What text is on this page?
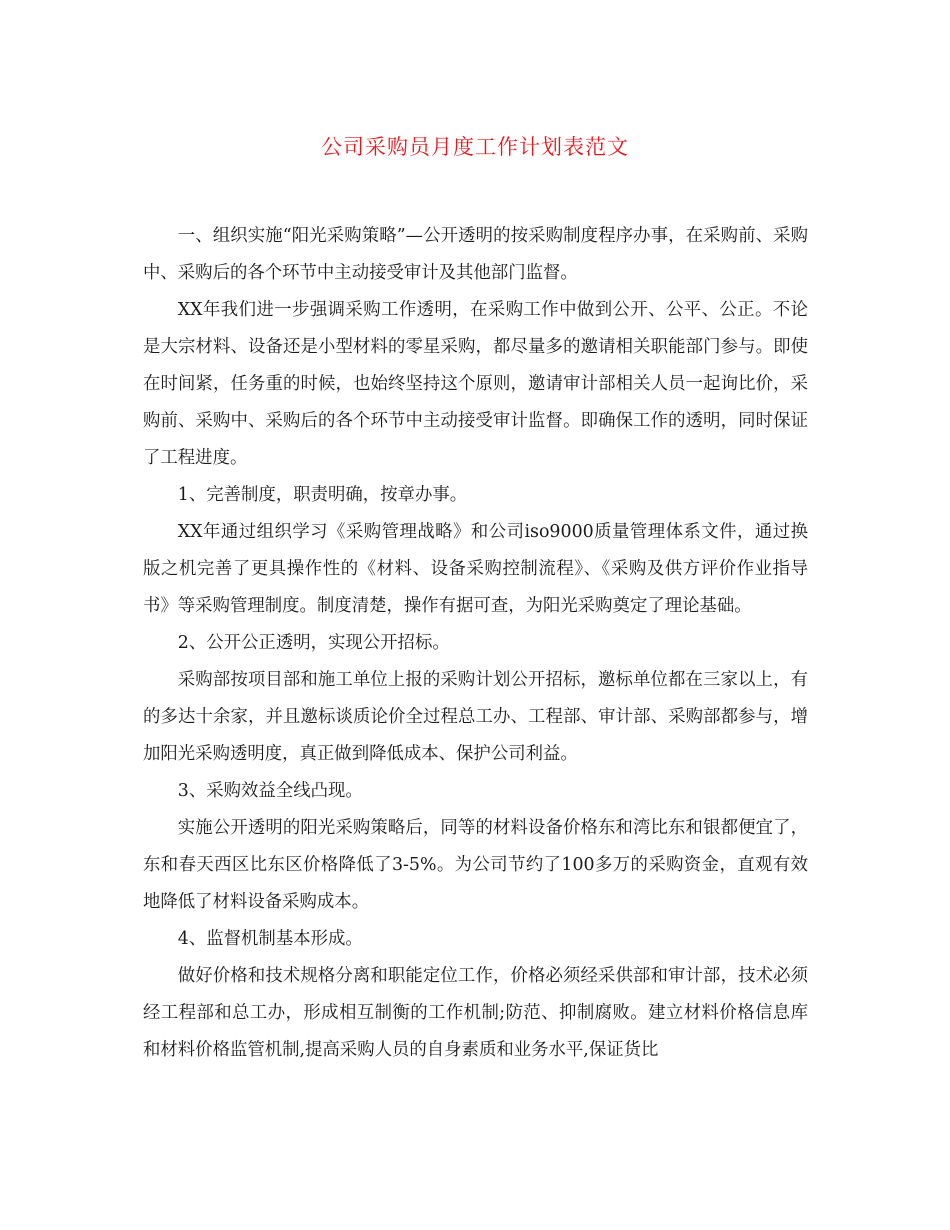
公司采购员月度工作计划表范文

一、组织实施“阳光采购策略”—公开透明的按采购制度程序办事，在采购前、采购中、采购后的各个环节中主动接受审计及其他部门监督。

XX年我们进一步强调采购工作透明，在采购工作中做到公开、公平、公正。不论是大宗材料、设备还是小型材料的零星采购，都尽量多的邀请相关职能部门参与。即使在时间紧，任务重的时候，也始终坚持这个原则，邀请审计部相关人员一起询比价，采购前、采购中、采购后的各个环节中主动接受审计监督。即确保工作的透明，同时保证了工程进度。

1、完善制度，职责明确，按章办事。

XX年通过组织学习《采购管理战略》和公司iso9000质量管理体系文件，通过换版之机完善了更具操作性的《材料、设备采购控制流程》、《采购及供方评价作业指导书》等采购管理制度。制度清楚，操作有据可查，为阳光采购奠定了理论基础。

2、公开公正透明，实现公开招标。

采购部按项目部和施工单位上报的采购计划公开招标，邀标单位都在三家以上，有的多达十余家，并且邀标谈质论价全过程总工办、工程部、审计部、采购部都参与，增加阳光采购透明度，真正做到降低成本、保护公司利益。

3、采购效益全线凸现。

实施公开透明的阳光采购策略后，同等的材料设备价格东和湾比东和银都便宜了，东和春天西区比东区价格降低了3-5%。为公司节约了100多万的采购资金，直观有效地降低了材料设备采购成本。

4、监督机制基本形成。

做好价格和技术规格分离和职能定位工作，价格必须经采供部和审计部，技术必须经工程部和总工办，形成相互制衡的工作机制;防范、抑制腐败。建立材料价格信息库和材料价格监管机制,提高采购人员的自身素质和业务水平,保证货比
